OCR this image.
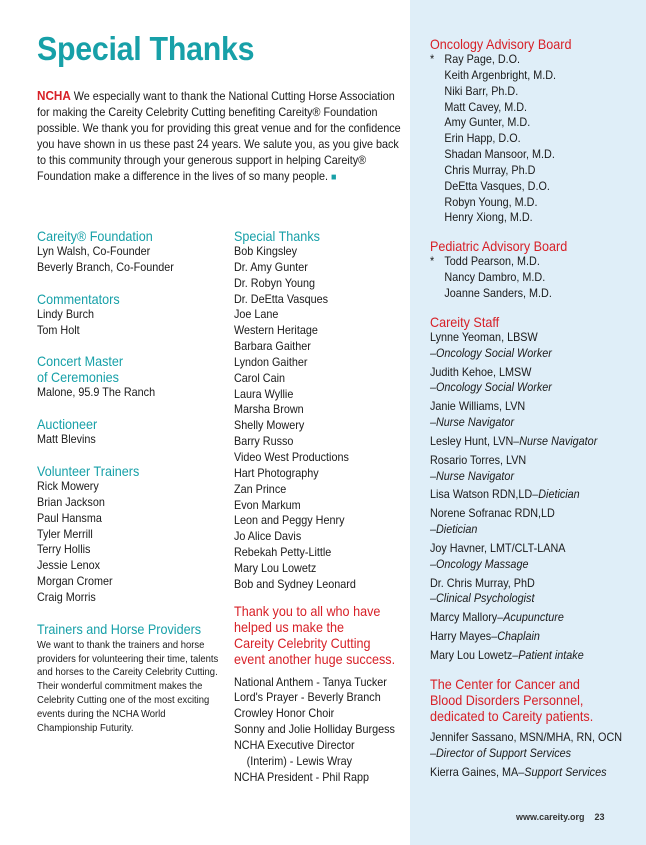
Special Thanks
NCHA We especially want to thank the National Cutting Horse Association for making the Careity Celebrity Cutting benefiting Careity® Foundation possible. We thank you for providing this great venue and for the confidence you have shown in us these past 24 years. We salute you, as you give back to this community through your generous support in helping Careity® Foundation make a difference in the lives of so many people. ■
Careity® Foundation
Lyn Walsh, Co-Founder
Beverly Branch, Co-Founder
Commentators
Lindy Burch
Tom Holt
Concert Master
of Ceremonies
Malone, 95.9 The Ranch
Auctioneer
Matt Blevins
Volunteer Trainers
Rick Mowery
Brian Jackson
Paul Hansma
Tyler Merrill
Terry Hollis
Jessie Lenox
Morgan Cromer
Craig Morris
Trainers and Horse Providers
We want to thank the trainers and horse providers for volunteering their time, talents and horses to the Careity Celebrity Cutting. Their wonderful commitment makes the Celebrity Cutting one of the most exciting events during the NCHA World Championship Futurity.
Special Thanks
Bob Kingsley
Dr. Amy Gunter
Dr. Robyn Young
Dr. DeEtta Vasques
Joe Lane
Western Heritage
Barbara Gaither
Lyndon Gaither
Carol Cain
Laura Wyllie
Marsha Brown
Shelly Mowery
Barry Russo
Video West Productions
Hart Photography
Zan Prince
Evon Markum
Leon and Peggy Henry
Jo Alice Davis
Rebekah Petty-Little
Mary Lou Lowetz
Bob and Sydney Leonard
Thank you to all who have
helped us make the
Careity Celebrity Cutting
event another huge success.
National Anthem - Tanya Tucker
Lord's Prayer - Beverly Branch
Crowley Honor Choir
Sonny and Jolie Holliday Burgess
NCHA Executive Director
(Interim) - Lewis Wray
NCHA President - Phil Rapp
Oncology Advisory Board
* Ray Page, D.O.
Keith Argenbright, M.D.
Niki Barr, Ph.D.
Matt Cavey, M.D.
Amy Gunter, M.D.
Erin Happ, D.O.
Shadan Mansoor, M.D.
Chris Murray, Ph.D
DeEtta Vasques, D.O.
Robyn Young, M.D.
Henry Xiong, M.D.
Pediatric Advisory Board
* Todd Pearson, M.D.
Nancy Dambro, M.D.
Joanne Sanders, M.D.
Careity Staff
Lynne Yeoman, LBSW
–Oncology Social Worker
Judith Kehoe, LMSW
–Oncology Social Worker
Janie Williams, LVN
–Nurse Navigator
Lesley Hunt, LVN–Nurse Navigator
Rosario Torres, LVN
–Nurse Navigator
Lisa Watson RDN,LD–Dietician
Norene Sofranac RDN,LD
–Dietician
Joy Havner, LMT/CLT-LANA
–Oncology Massage
Dr. Chris Murray, PhD
–Clinical Psychologist
Marcy Mallory–Acupuncture
Harry Mayes–Chaplain
Mary Lou Lowetz–Patient intake
The Center for Cancer and
Blood Disorders Personnel,
dedicated to Careity patients.
Jennifer Sassano, MSN/MHA, RN, OCN
–Director of Support Services
Kierra Gaines, MA–Support Services
www.careity.org 23
